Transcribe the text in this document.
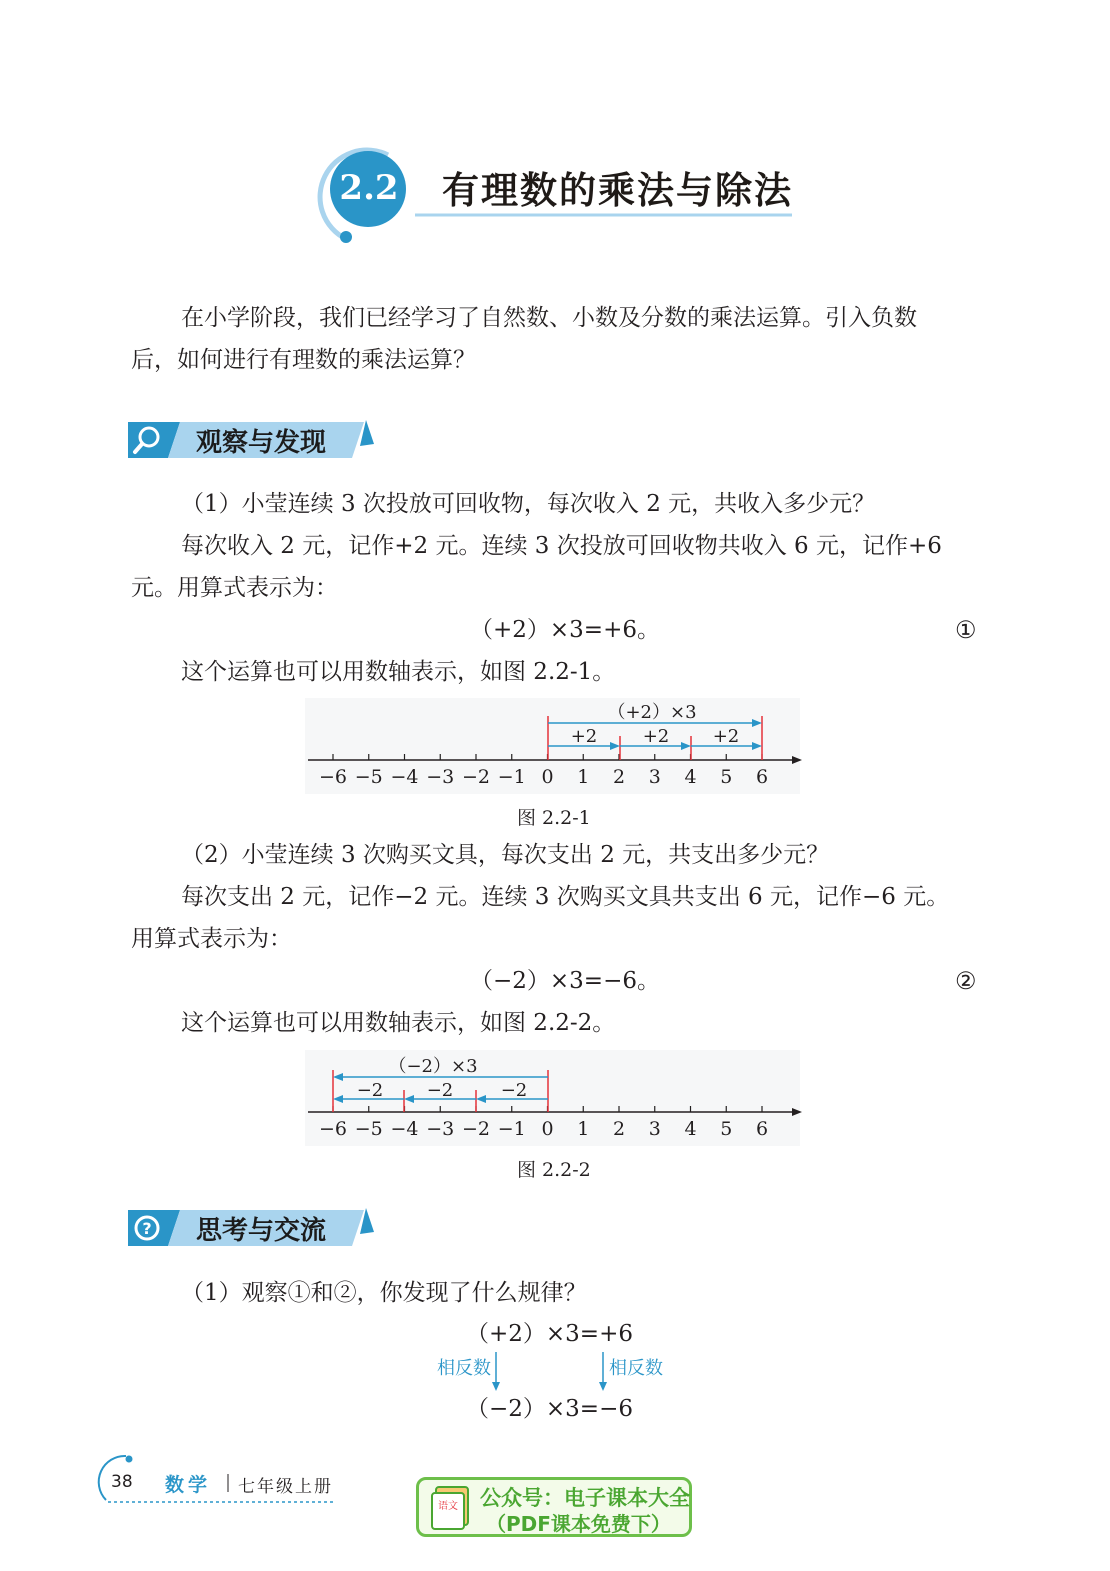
2.2 有理数的乘法与除法
在小学阶段，我们已经学习了自然数、小数及分数的乘法运算。引入负数
后，如何进行有理数的乘法运算？
观察与发现
（1）小莹连续 3 次投放可回收物，每次收入 2 元，共收入多少元？
每次收入 2 元，记作+2 元。连续 3 次投放可回收物共收入 6 元，记作+6
元。用算式表示为：
（+2）×3=+6。	①
这个运算也可以用数轴表示，如图 2.2-1。
−6 −5 −4 −3 −2 −1 0 1 2 3 4 5 6
（+2）×3
+2	+2 +2
图 2.2-1
（2）小莹连续 3 次购买文具，每次支出 2 元，共支出多少元？
每次支出 2 元，记作−2 元。连续 3 次购买文具共支出 6 元，记作−6 元。
用算式表示为：
（−2）×3=−6。	②
这个运算也可以用数轴表示，如图 2.2-2。
−6 −5 −4 −3 −2 −1 0 1 2 3 4 5 6
（−2）×3
−2 −2	−2
图 2.2-2
? 思考与交流
（1）观察①和②，你发现了什么规律？
（+2）×3=+6
相反数	相反数
（−2）×3=−6
38 数学 七年级上册
语文 公众号：电子课本大全
（PDF课本免费下）
